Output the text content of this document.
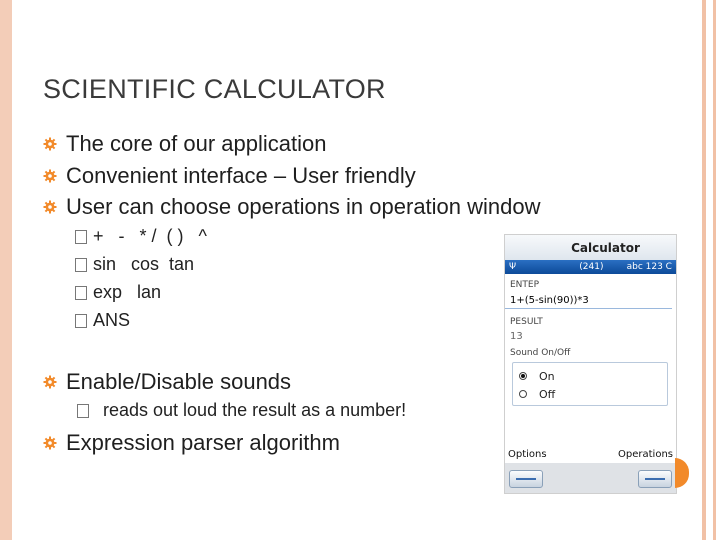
SCIENTIFIC CALCULATOR
The core of our application
Convenient interface – User friendly
User can choose operations in operation window
+   -   * /  ( )   ^
sin   cos  tan
exp   lan
ANS
Enable/Disable sounds
reads out loud the result as a number!
Expression parser algorithm
Calculator
Ψ	(241)	abc 123 C
ENTEP
1+(5-sin(90))*3
PESULT
13
Sound On/Off
On
Off
Options	Operations
